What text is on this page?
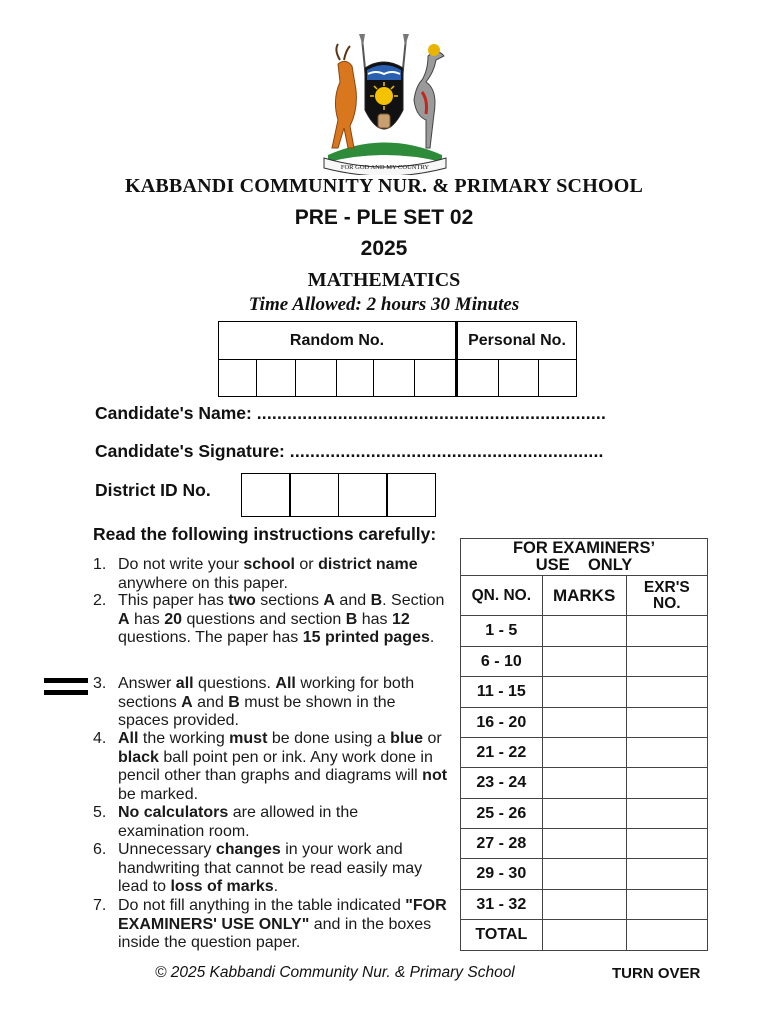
FOR GOD AND MY COUNTRY
KABBANDI COMMUNITY NUR. & PRIMARY SCHOOL
PRE - PLE SET 02
2025
MATHEMATICS
Time Allowed: 2 hours 30 Minutes
Random No.						Personal No.		

Candidate's Name: .....................................................................
Candidate's Signature: ..............................................................
District ID No.
Read the following instructions carefully:
1. Do not write your school or district name anywhere on this paper.
2. This paper has two sections A and B. Section A has 20 questions and section B has 12 questions. The paper has 15 printed pages.
3. Answer all questions. All working for both sections A and B must be shown in the spaces provided.
4. All the working must be done using a blue or black ball point pen or ink. Any work done in pencil other than graphs and diagrams will not be marked.
5. No calculators are allowed in the examination room.
6. Unnecessary changes in your work and handwriting that cannot be read easily may lead to loss of marks.
7. Do not fill anything in the table indicated "FOR EXAMINERS' USE ONLY" and in the boxes inside the question paper.
FOR EXAMINERS’
USE    ONLY		
QN. NO.	MARKS	EXR'S
NO.
1 - 5		
6 - 10		
11 - 15		
16 - 20		
21 - 22		
23 - 24		
25 - 26		
27 - 28		
29 - 30		
31 - 32		
TOTAL		
© 2025 Kabbandi Community Nur. & Primary School	TURN OVER
